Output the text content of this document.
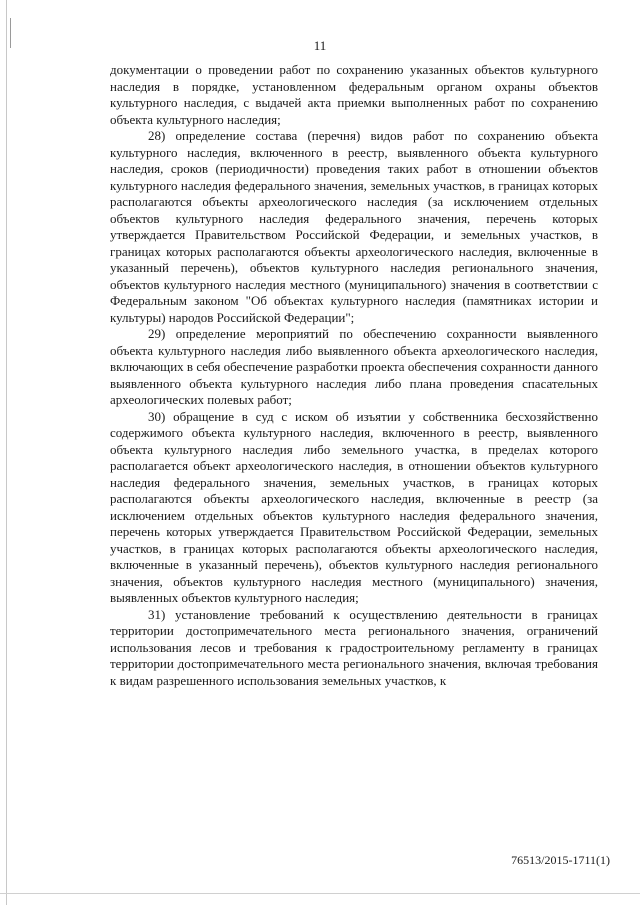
11

документации о проведении работ по сохранению указанных объектов культурного наследия в порядке, установленном федеральным органом охраны объектов культурного наследия, с выдачей акта приемки выполненных работ по сохранению объекта культурного наследия;

28) определение состава (перечня) видов работ по сохранению объекта культурного наследия, включенного в реестр, выявленного объекта культурного наследия, сроков (периодичности) проведения таких работ в отношении объектов культурного наследия федерального значения, земельных участков, в границах которых располагаются объекты археологического наследия (за исключением отдельных объектов культурного наследия федерального значения, перечень которых утверждается Правительством Российской Федерации, и земельных участков, в границах которых располагаются объекты археологического наследия, включенные в указанный перечень), объектов культурного наследия регионального значения, объектов культурного наследия местного (муниципального) значения в соответствии с Федеральным законом "Об объектах культурного наследия (памятниках истории и культуры) народов Российской Федерации";

29) определение мероприятий по обеспечению сохранности выявленного объекта культурного наследия либо выявленного объекта археологического наследия, включающих в себя обеспечение разработки проекта обеспечения сохранности данного выявленного объекта культурного наследия либо плана проведения спасательных археологических полевых работ;

30) обращение в суд с иском об изъятии у собственника бесхозяйственно содержимого объекта культурного наследия, включенного в реестр, выявленного объекта культурного наследия либо земельного участка, в пределах которого располагается объект археологического наследия, в отношении объектов культурного наследия федерального значения, земельных участков, в границах которых располагаются объекты археологического наследия, включенные в реестр (за исключением отдельных объектов культурного наследия федерального значения, перечень которых утверждается Правительством Российской Федерации, земельных участков, в границах которых располагаются объекты археологического наследия, включенные в указанный перечень), объектов культурного наследия регионального значения, объектов культурного наследия местного (муниципального) значения, выявленных объектов культурного наследия;

31) установление требований к осуществлению деятельности в границах территории достопримечательного места регионального значения, ограничений использования лесов и требования к градостроительному регламенту в границах территории достопримечательного места регионального значения, включая требования к видам разрешенного использования земельных участков, к

76513/2015-1711(1)
